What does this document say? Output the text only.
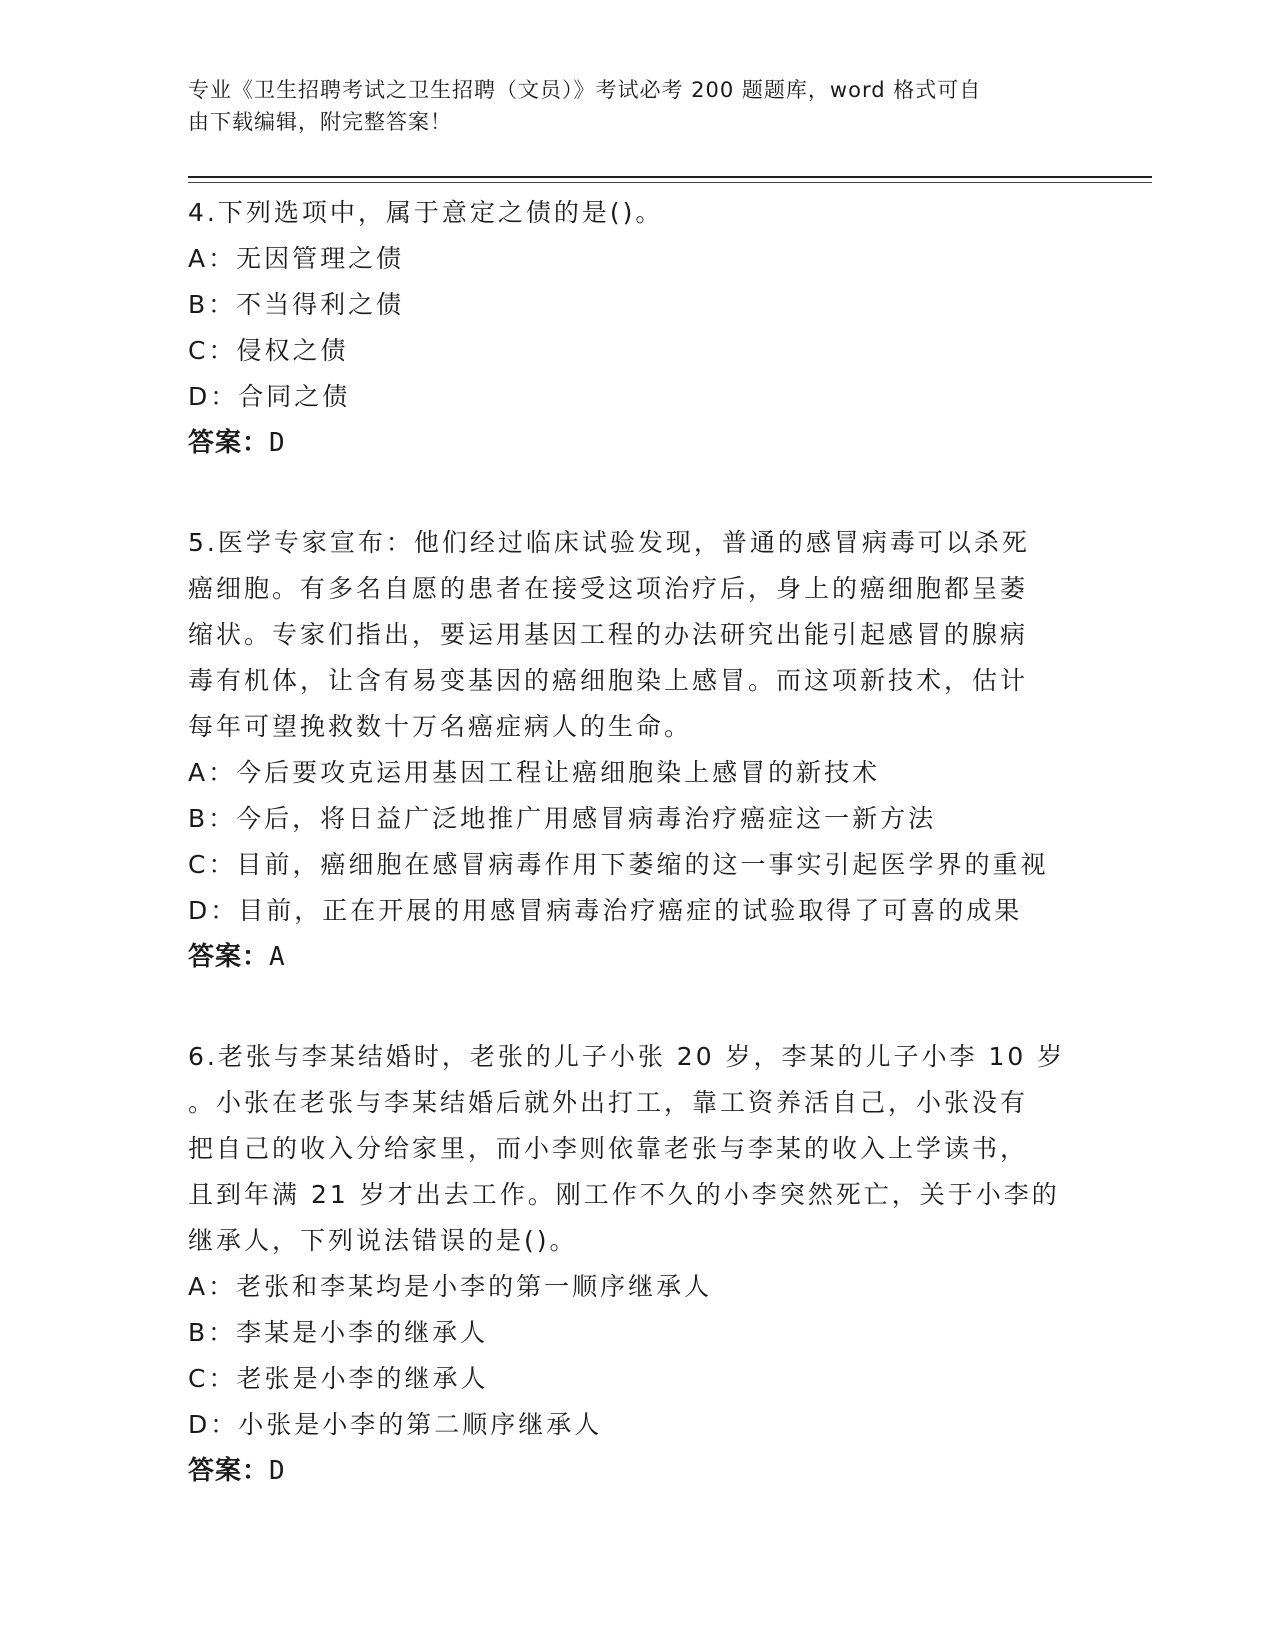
专业《卫生招聘考试之卫生招聘（文员）》考试必考 200 题题库，word 格式可自
由下载编辑，附完整答案！

4.下列选项中，属于意定之债的是()。

A：无因管理之债

B：不当得利之债

C：侵权之债

D：合同之债

答案：D

5.医学专家宣布：他们经过临床试验发现，普通的感冒病毒可以杀死

癌细胞。有多名自愿的患者在接受这项治疗后，身上的癌细胞都呈萎

缩状。专家们指出，要运用基因工程的办法研究出能引起感冒的腺病

毒有机体，让含有易变基因的癌细胞染上感冒。而这项新技术，估计

每年可望挽救数十万名癌症病人的生命。

A：今后要攻克运用基因工程让癌细胞染上感冒的新技术

B：今后，将日益广泛地推广用感冒病毒治疗癌症这一新方法

C：目前，癌细胞在感冒病毒作用下萎缩的这一事实引起医学界的重视

D：目前，正在开展的用感冒病毒治疗癌症的试验取得了可喜的成果

答案：A

6.老张与李某结婚时，老张的儿子小张 20 岁，李某的儿子小李 10 岁

。小张在老张与李某结婚后就外出打工，靠工资养活自己，小张没有

把自己的收入分给家里，而小李则依靠老张与李某的收入上学读书，

且到年满 21 岁才出去工作。刚工作不久的小李突然死亡，关于小李的

继承人，下列说法错误的是()。

A：老张和李某均是小李的第一顺序继承人

B：李某是小李的继承人

C：老张是小李的继承人

D：小张是小李的第二顺序继承人

答案：D
